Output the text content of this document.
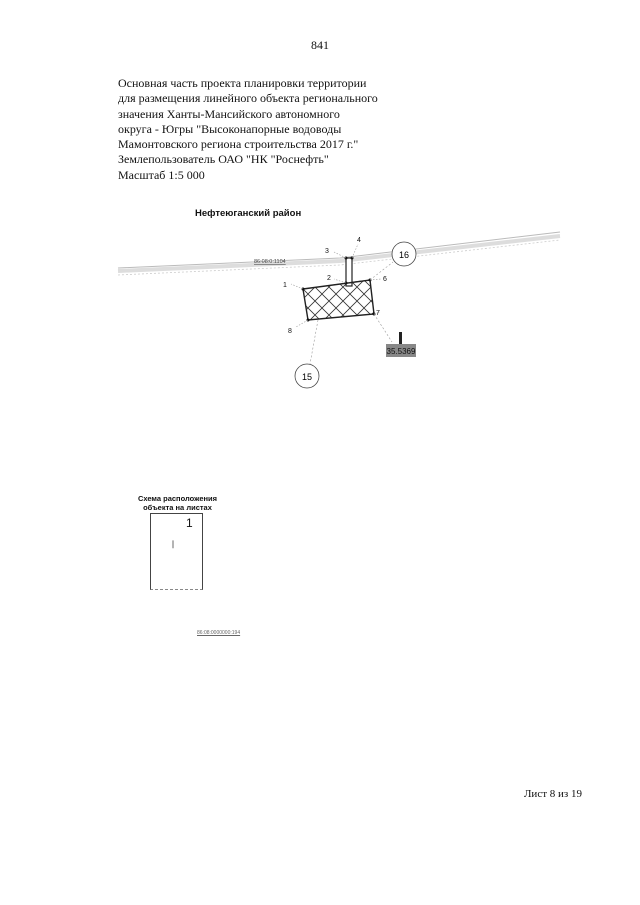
841
Основная часть проекта планировки территории
для размещения линейного объекта регионального
значения Ханты-Мансийского автономного
округа - Югры "Высоконапорные водоводы
Мамонтовского региона строительства 2017 г."
Землепользователь ОАО "НК "Роснефть"
Масштаб 1:5 000
Нефтеюганский район
86:08:0:1104
1
2
3
4
6
7
8
16
15
35.5369
Схема расположения
объекта на листах
1
𝄁
86:08:0000000:194
Лист 8 из 19
